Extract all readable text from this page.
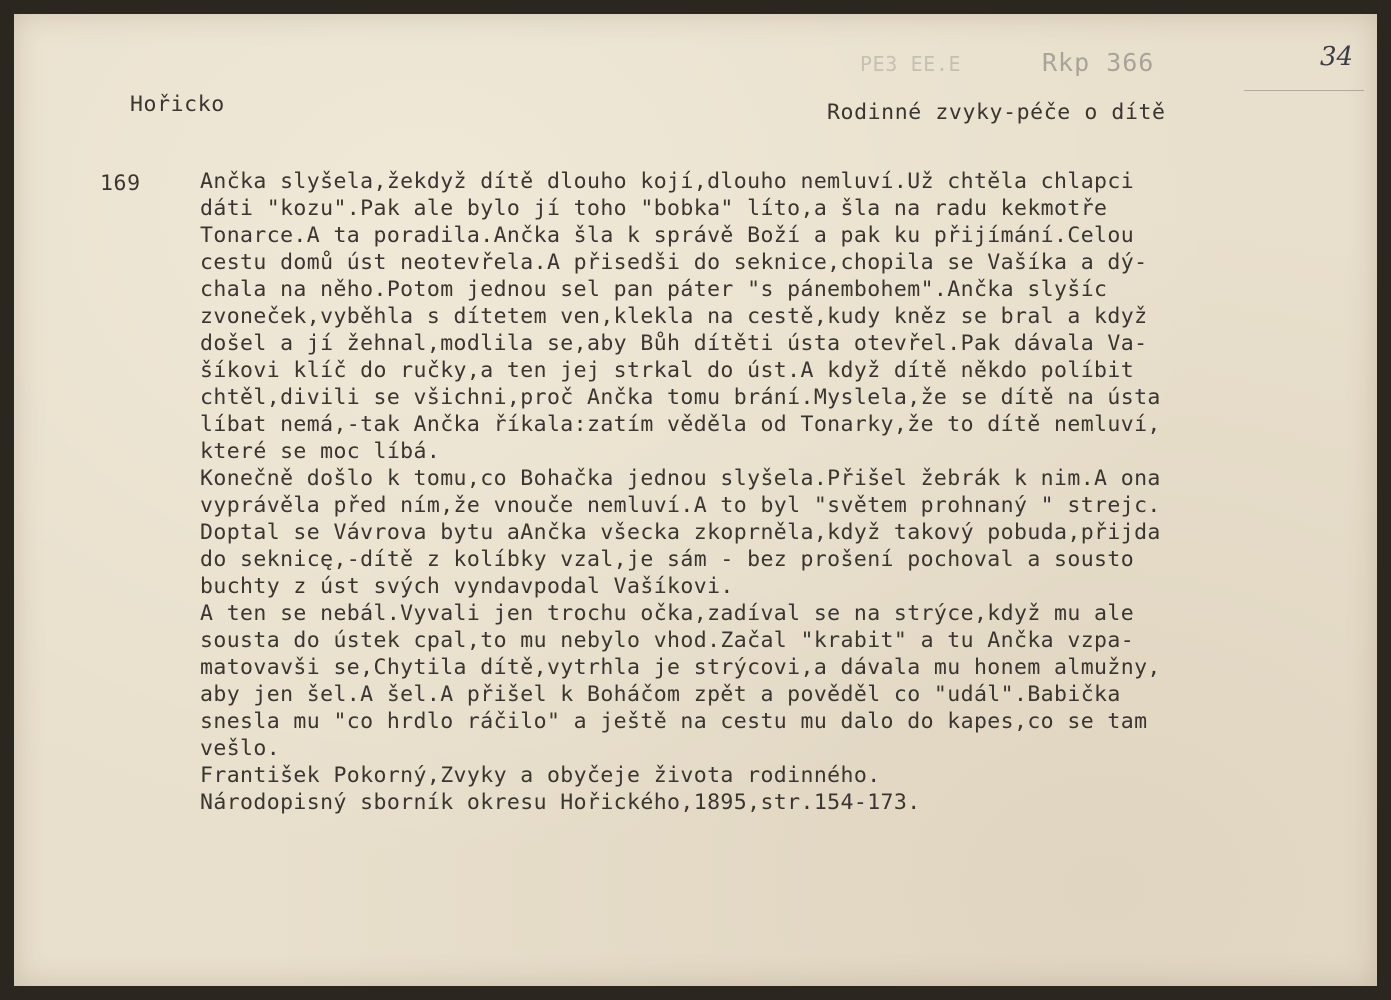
РЕЗ ЕЕ.Е	Rkp 366	34
Hořicko	Rodinné zvyky-péče o dítě
169	Ančka slyšela,žekdyž dítě dlouho kojí,dlouho nemluví.Už chtěla chlapci
dáti "kozu".Pak ale bylo jí toho "bobka" líto,a šla na radu kekmotře
Tonarce.A ta poradila.Ančka šla k správě Boží a pak ku přijímání.Celou
cestu domů úst neotevřela.A přisedši do seknice,chopila se Vašíka a dý-
chala na něho.Potom jednou sel pan páter "s pánembohem".Ančka slyšíc
zvoneček,vyběhla s dítetem ven,klekla na cestě,kudy kněz se bral a když
došel a jí žehnal,modlila se,aby Bůh dítěti ústa otevřel.Pak dávala Va-
šíkovi klíč do ručky,a ten jej strkal do úst.A když dítě někdo políbit
chtěl,divili se všichni,proč Ančka tomu brání.Myslela,že se dítě na ústa
líbat nemá,-tak Ančka říkala:zatím věděla od Tonarky,že to dítě nemluví,
které se moc líbá.
Konečně došlo k tomu,co Bohačka jednou slyšela.Přišel žebrák k nim.A ona
vyprávěla před ním,že vnouče nemluví.A to byl "světem prohnaný " strejc.
Doptal se Vávrova bytu aAnčka všecka zkoprněla,když takový pobuda,přijda
do seknicę,-dítě z kolíbky vzal,je sám - bez prošení pochoval a sousto
buchty z úst svých vyndavpodal Vašíkovi.
A ten se nebál.Vyvali jen trochu očka,zadíval se na strýce,když mu ale
sousta do ústek cpal,to mu nebylo vhod.Začal "krabit" a tu Ančka vzpa-
matovavši se,Chytila dítě,vytrhla je strýcovi,a dávala mu honem almužny,
aby jen šel.A šel.A přišel k Boháčom zpět a pověděl co "udál".Babička
snesla mu "co hrdlo ráčilo" a ještě na cestu mu dalo do kapes,co se tam
vešlo.
František Pokorný,Zvyky a obyčeje života rodinného.
Národopisný sborník okresu Hořického,1895,str.154-173.
